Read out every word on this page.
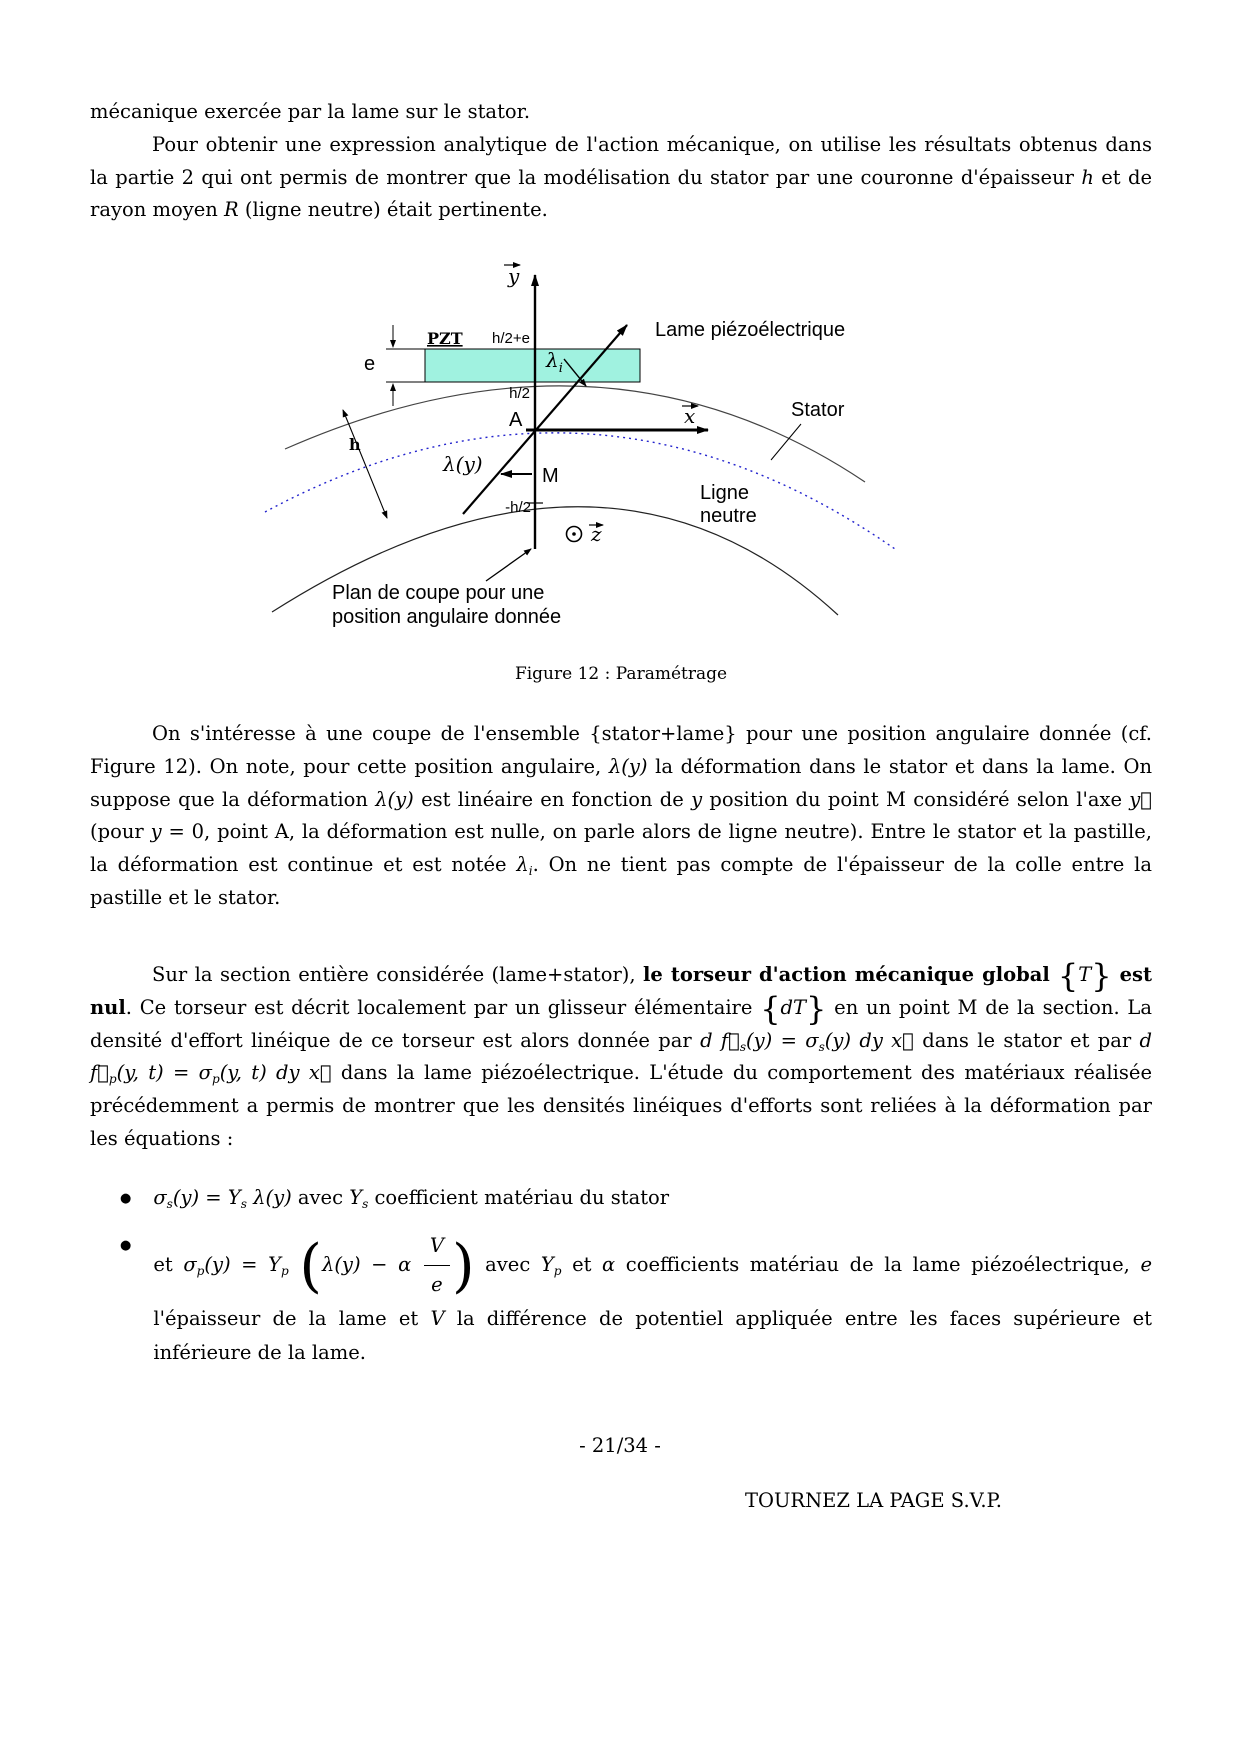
mécanique exercée par la lame sur le stator.

Pour obtenir une expression analytique de l'action mécanique, on utilise les résultats obtenus dans la partie 2 qui ont permis de montrer que la modélisation du stator par une couronne d'épaisseur h et de rayon moyen R (ligne neutre) était pertinente.

e
h
y
x
z
PZT h/2+e
h/2
-h/2
A
M
$\lambda_i$
λ(y)
Lame piézoélectrique
Stator
Ligne
neutre
Plan de coupe pour une
position angulaire donnée
Figure 12 : Paramétrage

On s'intéresse à une coupe de l'ensemble {stator+lame} pour une position angulaire donnée (cf. Figure 12). On note, pour cette position angulaire, λ(y) la déformation dans le stator et dans la lame. On suppose que la déformation λ(y) est linéaire en fonction de y position du point M considéré selon l'axe y⃗ (pour y = 0, point A, la déformation est nulle, on parle alors de ligne neutre). Entre le stator et la pastille, la déformation est continue et est notée $\lambda_i$. On ne tient pas compte de l'épaisseur de la colle entre la pastille et le stator.

Sur la section entière considérée (lame+stator), le torseur d'action mécanique global {T} est nul. Ce torseur est décrit localement par un glisseur élémentaire {dT} en un point M de la section. La densité d'effort linéique de ce torseur est alors donnée par d $f⃗_s(y) = \sigma_s(y)$ dy x⃗ dans le stator et par d $f⃗_p(y$, $t) = \sigma_p(y$, t) dy x⃗ dans la lame piézoélectrique. L'étude du comportement des matériaux réalisée précédemment a permis de montrer que les densités linéiques d'efforts sont reliées à la déformation par les équations :

● $\sigma_s(y) = Y_s$ λ(y) avec $Y_s$ coefficient matériau du stator
●
et $\sigma_p(y) = Y_p$ (λ(y) − α $\frac{V}{e}$ ) avec $Y_p$ et α coefficients matériau de la lame piézoélectrique, e l'épaisseur de la lame et V la différence de potentiel appliquée entre les faces supérieure et inférieure de la lame.
- 21/34 -
TOURNEZ LA PAGE S.V.P.
